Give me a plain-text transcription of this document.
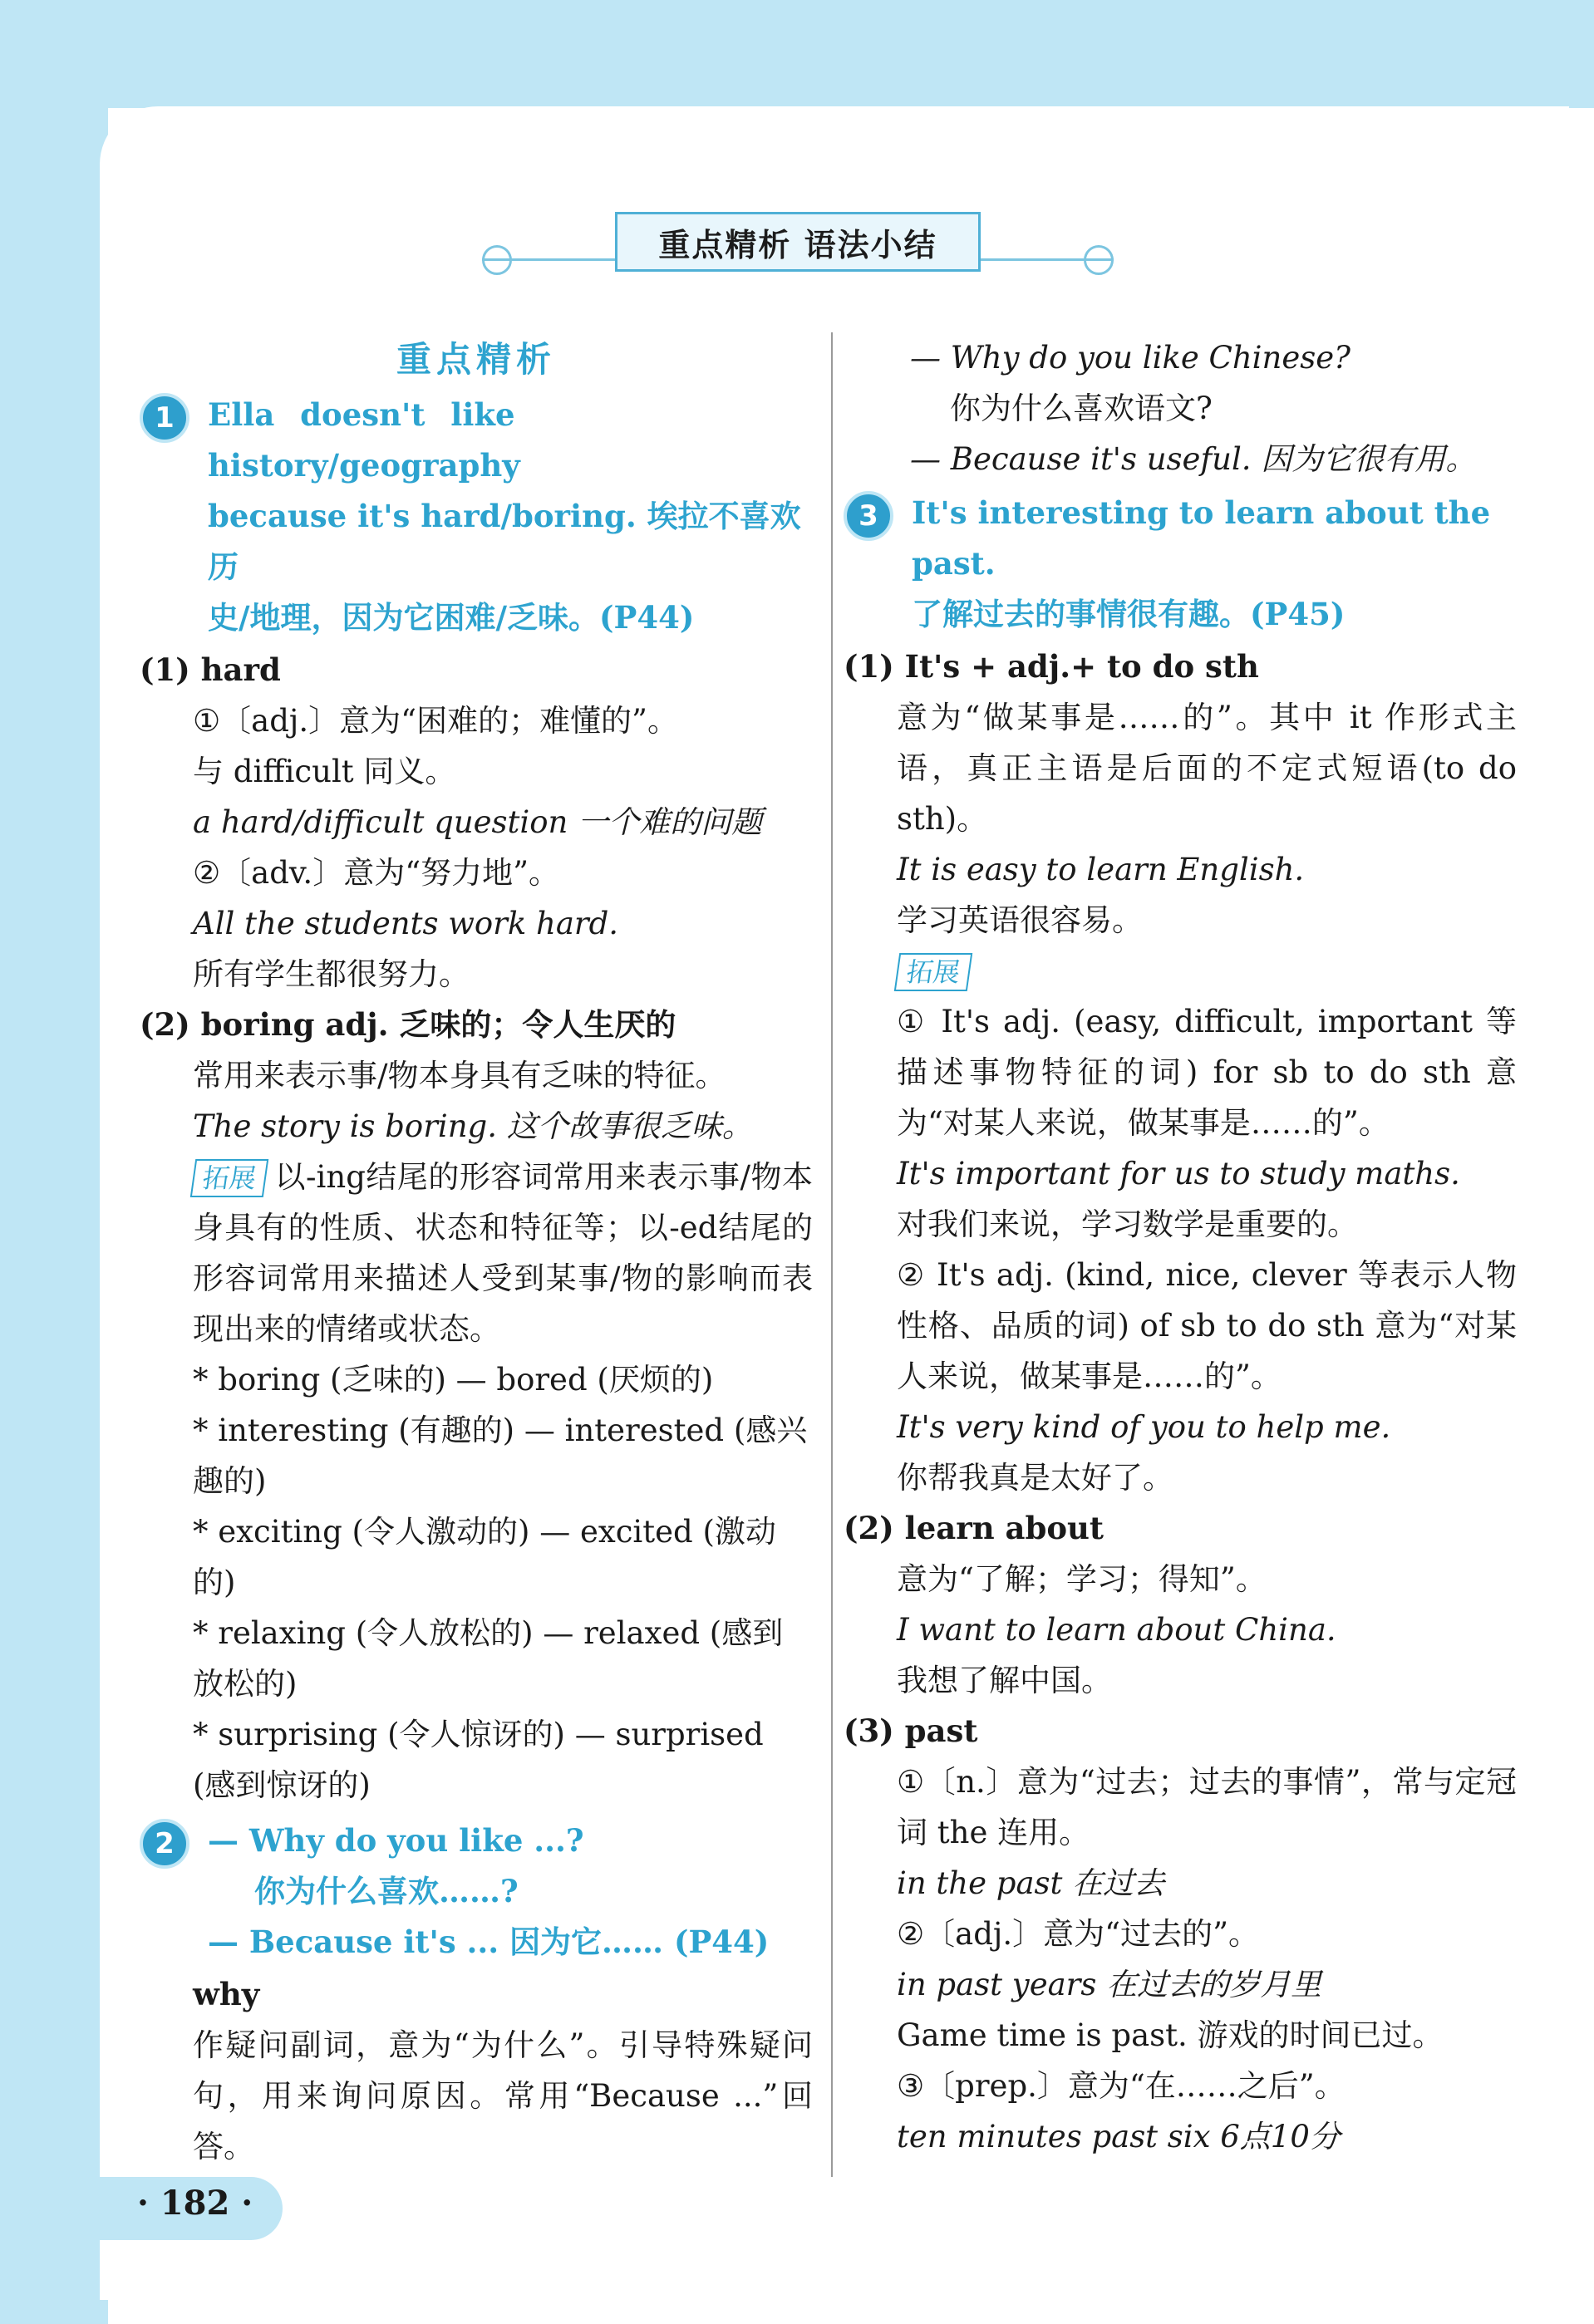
重点精析 语法小结
重点精析
1	Ella doesn't like history/geography
because it's hard/boring. 埃拉不喜欢历
史/地理，因为它困难/乏味。(P44)
(1) hard
①〔adj.〕意为“困难的；难懂的”。
与 difficult 同义。
a hard/difficult question 一个难的问题
②〔adv.〕意为“努力地”。
All the students work hard.
所有学生都很努力。
(2) boring adj. 乏味的；令人生厌的
常用来表示事/物本身具有乏味的特征。
The story is boring. 这个故事很乏味。
拓展 以-ing结尾的形容词常用来表示事/物本身具有的性质、状态和特征等；以-ed结尾的形容词常用来描述人受到某事/物的影响而表现出来的情绪或状态。
* boring (乏味的) — bored (厌烦的)
* interesting (有趣的) — interested (感兴趣的)
* exciting (令人激动的) — excited (激动的)
* relaxing (令人放松的) — relaxed (感到放松的)
* surprising (令人惊讶的) — surprised (感到惊讶的)
2	— Why do you like ...?
你为什么喜欢……?
— Because it's ... 因为它…… (P44)
why
作疑问副词，意为“为什么”。引导特殊疑问句，用来询问原因。常用“Because ...”回答。
— Why do you like Chinese?
你为什么喜欢语文?
— Because it's useful. 因为它很有用。
3	It's interesting to learn about the past.
了解过去的事情很有趣。(P45)
(1) It's + adj.+ to do sth
意为“做某事是……的”。其中 it 作形式主语，真正主语是后面的不定式短语(to do sth)。
It is easy to learn English.
学习英语很容易。
拓展
① It's adj. (easy, difficult, important 等描述事物特征的词) for sb to do sth 意为“对某人来说，做某事是……的”。
It's important for us to study maths.
对我们来说，学习数学是重要的。
② It's adj. (kind, nice, clever 等表示人物性格、品质的词) of sb to do sth 意为“对某人来说，做某事是……的”。
It's very kind of you to help me.
你帮我真是太好了。
(2) learn about
意为“了解；学习；得知”。
I want to learn about China.
我想了解中国。
(3) past
①〔n.〕意为“过去；过去的事情”，常与定冠词 the 连用。
in the past 在过去
②〔adj.〕意为“过去的”。
in past years 在过去的岁月里
Game time is past. 游戏的时间已过。
③〔prep.〕意为“在……之后”。
ten minutes past six 6点10分
· 182 ·
